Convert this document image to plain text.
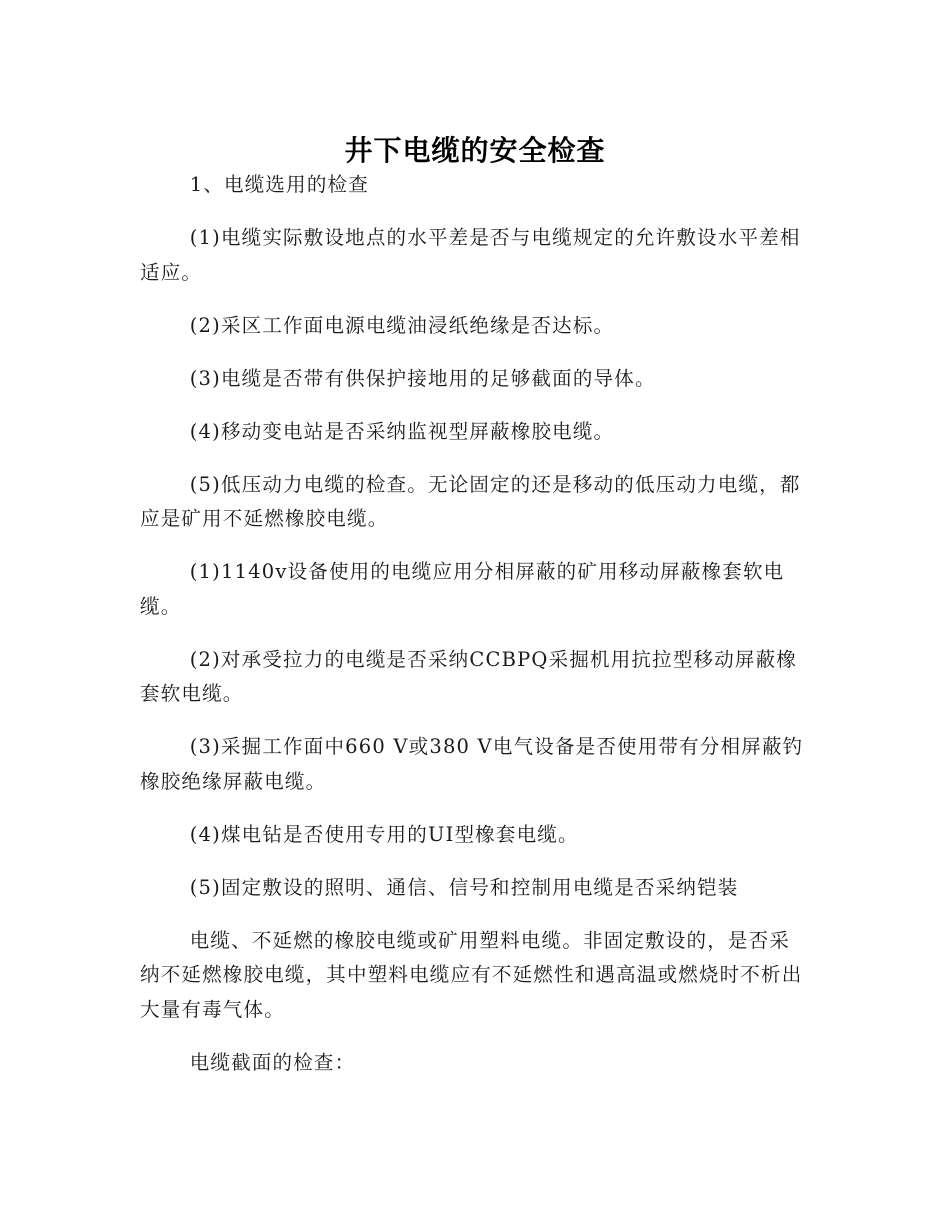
井下电缆的安全检查

1、电缆选用的检查

(1)电缆实际敷设地点的水平差是否与电缆规定的允许敷设水平差相适应。

(2)采区工作面电源电缆油浸纸绝缘是否达标。

(3)电缆是否带有供保护接地用的足够截面的导体。

(4)移动变电站是否采纳监视型屏蔽橡胶电缆。

(5)低压动力电缆的检查。无论固定的还是移动的低压动力电缆，都应是矿用不延燃橡胶电缆。

(1)1140v设备使用的电缆应用分相屏蔽的矿用移动屏蔽橡套软电缆。

(2)对承受拉力的电缆是否采纳CCBPQ采掘机用抗拉型移动屏蔽橡套软电缆。

(3)采掘工作面中660 V或380 V电气设备是否使用带有分相屏蔽钓橡胶绝缘屏蔽电缆。

(4)煤电钻是否使用专用的UI型橡套电缆。

(5)固定敷设的照明、通信、信号和控制用电缆是否采纳铠装

电缆、不延燃的橡胶电缆或矿用塑料电缆。非固定敷设的，是否采纳不延燃橡胶电缆，其中塑料电缆应有不延燃性和遇高温或燃烧时不析出大量有毒气体。

电缆截面的检查：
